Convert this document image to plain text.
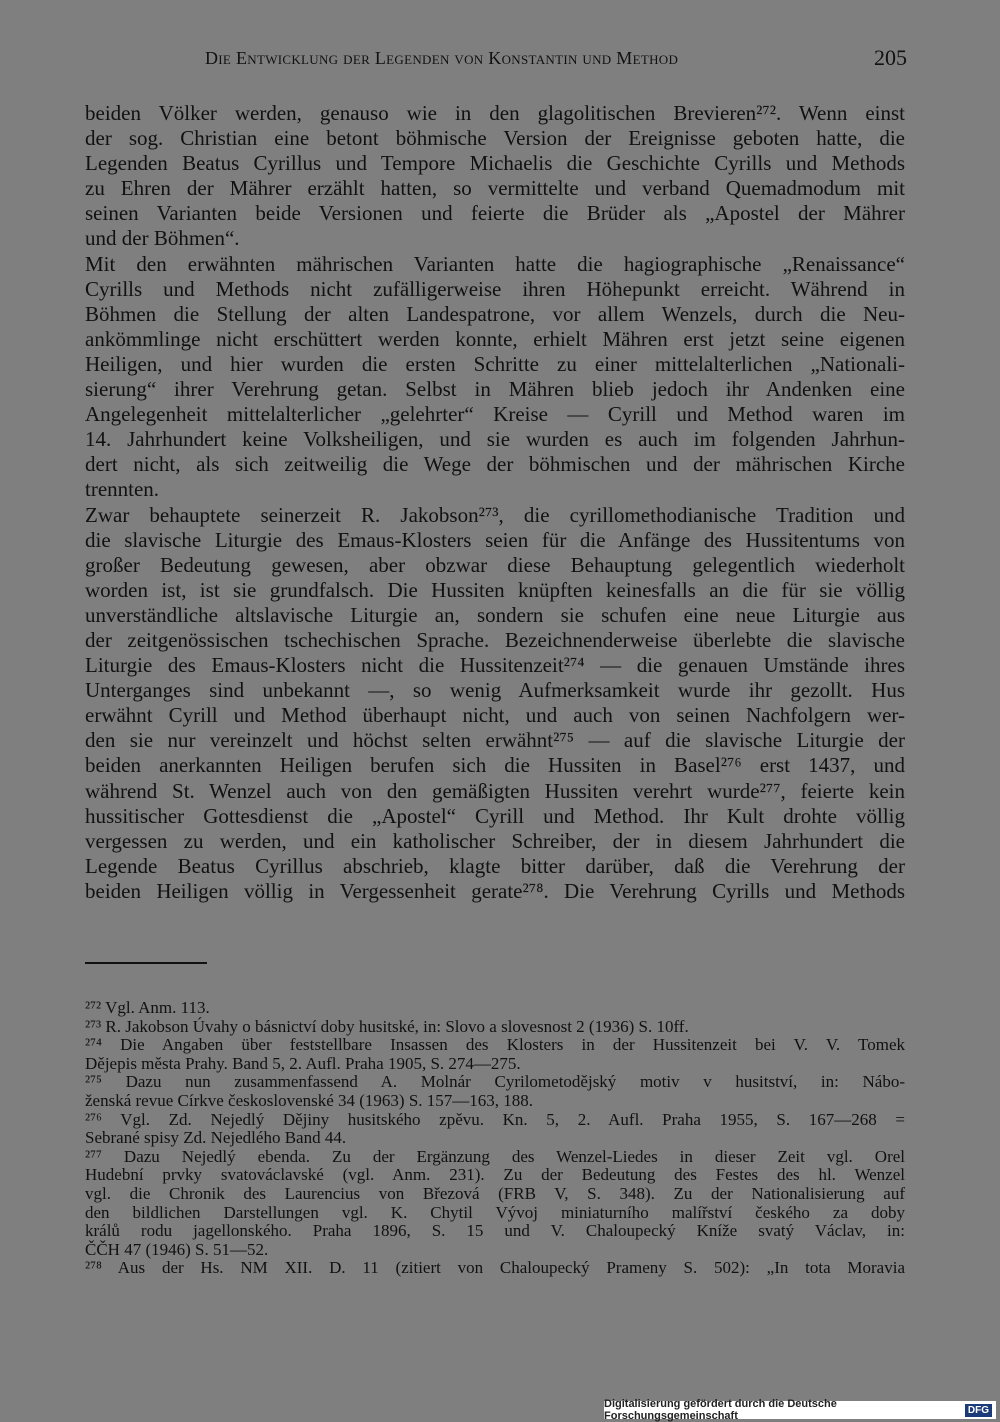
Die Entwicklung der Legenden von Konstantin und Method	205
beiden Völker werden, genauso wie in den glagolitischen Brevieren²⁷². Wenn einst
der sog. Christian eine betont böhmische Version der Ereignisse geboten hatte, die
Legenden Beatus Cyrillus und Tempore Michaelis die Geschichte Cyrills und Methods
zu Ehren der Mährer erzählt hatten, so vermittelte und verband Quemadmodum mit
seinen Varianten beide Versionen und feierte die Brüder als „Apostel der Mährer
und der Böhmen“.
Mit den erwähnten mährischen Varianten hatte die hagiographische „Renaissance“
Cyrills und Methods nicht zufälligerweise ihren Höhepunkt erreicht. Während in
Böhmen die Stellung der alten Landespatrone, vor allem Wenzels, durch die Neu-
ankömmlinge nicht erschüttert werden konnte, erhielt Mähren erst jetzt seine eigenen
Heiligen, und hier wurden die ersten Schritte zu einer mittelalterlichen „Nationali-
sierung“ ihrer Verehrung getan. Selbst in Mähren blieb jedoch ihr Andenken eine
Angelegenheit mittelalterlicher „gelehrter“ Kreise — Cyrill und Method waren im
14. Jahrhundert keine Volksheiligen, und sie wurden es auch im folgenden Jahrhun-
dert nicht, als sich zeitweilig die Wege der böhmischen und der mährischen Kirche
trennten.
Zwar behauptete seinerzeit R. Jakobson²⁷³, die cyrillomethodianische Tradition und
die slavische Liturgie des Emaus-Klosters seien für die Anfänge des Hussitentums von
großer Bedeutung gewesen, aber obzwar diese Behauptung gelegentlich wiederholt
worden ist, ist sie grundfalsch. Die Hussiten knüpften keinesfalls an die für sie völlig
unverständliche altslavische Liturgie an, sondern sie schufen eine neue Liturgie aus
der zeitgenössischen tschechischen Sprache. Bezeichnenderweise überlebte die slavische
Liturgie des Emaus-Klosters nicht die Hussitenzeit²⁷⁴ — die genauen Umstände ihres
Unterganges sind unbekannt —, so wenig Aufmerksamkeit wurde ihr gezollt. Hus
erwähnt Cyrill und Method überhaupt nicht, und auch von seinen Nachfolgern wer-
den sie nur vereinzelt und höchst selten erwähnt²⁷⁵ — auf die slavische Liturgie der
beiden anerkannten Heiligen berufen sich die Hussiten in Basel²⁷⁶ erst 1437, und
während St. Wenzel auch von den gemäßigten Hussiten verehrt wurde²⁷⁷, feierte kein
hussitischer Gottesdienst die „Apostel“ Cyrill und Method. Ihr Kult drohte völlig
vergessen zu werden, und ein katholischer Schreiber, der in diesem Jahrhundert die
Legende Beatus Cyrillus abschrieb, klagte bitter darüber, daß die Verehrung der
beiden Heiligen völlig in Vergessenheit gerate²⁷⁸. Die Verehrung Cyrills und Methods
²⁷² Vgl. Anm. 113.
²⁷³ R. Jakobson Úvahy o básnictví doby husitské, in: Slovo a slovesnost 2 (1936) S. 10ff.
²⁷⁴ Die Angaben über feststellbare Insassen des Klosters in der Hussitenzeit bei V. V. Tomek
Dějepis města Prahy. Band 5, 2. Aufl. Praha 1905, S. 274—275.
²⁷⁵ Dazu nun zusammenfassend A. Molnár Cyrilometodějský motiv v husitství, in: Nábo-
ženská revue Církve československé 34 (1963) S. 157—163, 188.
²⁷⁶ Vgl. Zd. Nejedlý Dějiny husitského zpěvu. Kn. 5, 2. Aufl. Praha 1955, S. 167—268 =
Sebrané spisy Zd. Nejedlého Band 44.
²⁷⁷ Dazu Nejedlý ebenda. Zu der Ergänzung des Wenzel-Liedes in dieser Zeit vgl. Orel
Hudební prvky svatováclavské (vgl. Anm. 231). Zu der Bedeutung des Festes des hl. Wenzel
vgl. die Chronik des Laurencius von Březová (FRB V, S. 348). Zu der Nationalisierung auf
den bildlichen Darstellungen vgl. K. Chytil Vývoj miniaturního malířství českého za doby
králů rodu jagellonského. Praha 1896, S. 15 und V. Chaloupecký Kníže svatý Václav, in:
ČČH 47 (1946) S. 51—52.
²⁷⁸ Aus der Hs. NM XII. D. 11 (zitiert von Chaloupecký Prameny S. 502): „In tota Moravia
Digitalisierung gefördert durch die Deutsche Forschungsgemeinschaft	DFG
